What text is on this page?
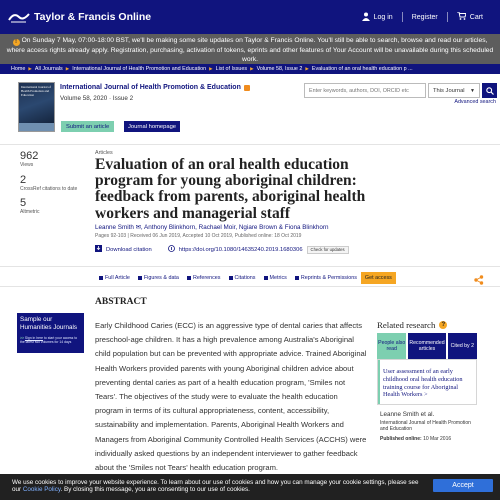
Taylor & Francis Online	Log in	Register	Cart
! On Sunday 7 May, 07:00-18:00 BST, we'll be making some site updates on Taylor & Francis Online. You'll still be able to search, browse and read our articles, where access rights already apply. Registration, purchasing, activation of tokens, eprints and other features of Your Account will be unavailable during this scheduled work.
Home ▶ All Journals ▶ International Journal of Health Promotion and Education ▶ List of Issues ▶ Volume 58, Issue 2 ▶ Evaluation of an oral health education p ...
International Journal of Health Promotion and Education
International Journal of Health Promotion & Education
Volume 58, 2020 · Issue 2
Submit an article	Journal homepage
Enter keywords, authors, DOI, ORCID etc
This Journal ▼
Advanced search
962
Views
2
CrossRef citations to date
5
Altmetric
Articles
Evaluation of an oral health education program for young aboriginal children: feedback from parents, aboriginal health workers and managerial staff
Leanne Smith ✉, Anthony Blinkhorn, Rachael Moir, Ngiare Brown & Fiona Blinkhorn
Pages 92-103 | Received 06 Jun 2019, Accepted 10 Oct 2019, Published online: 18 Oct 2019
Download citation	https://doi.org/10.1080/14635240.2019.1680306	Check for updates
Full Article	Figures & data	References	Citations	Metrics	Reprints & Permissions	Get access
ABSTRACT

Early Childhood Caries (ECC) is an aggressive type of dental caries that affects preschool-age children. It has a high prevalence among Australia's Aboriginal child population but can be prevented with appropriate advice. Trained Aboriginal Health Workers provided parents with young Aboriginal children advice about preventing dental caries as part of a health education program, 'Smiles not Tears'. The objectives of the study were to evaluate the health education program in terms of its cultural appropriateness, content, accessibility, sustainability and implementation. Parents, Aboriginal Health Workers and Managers from Aboriginal Community Controlled Health Services (ACCHS) were individually asked questions by an independent interviewer to gather feedback about the 'Smiles not Tears' health education program.

Sample our Humanities Journals
>> Sign in here to start your access to the latest two volumes for 14 days
Related research	?
People also read
Recommended articles
Cited by 2
User assessment of an early childhood oral health education training course for Aboriginal Health Workers >
Leanne Smith et al.
International Journal of Health Promotion and Education
Published online: 10 Mar 2016
We use cookies to improve your website experience. To learn about our use of cookies and how you can manage your cookie settings, please see our Cookie Policy. By closing this message, you are consenting to our use of cookies.
Accept
